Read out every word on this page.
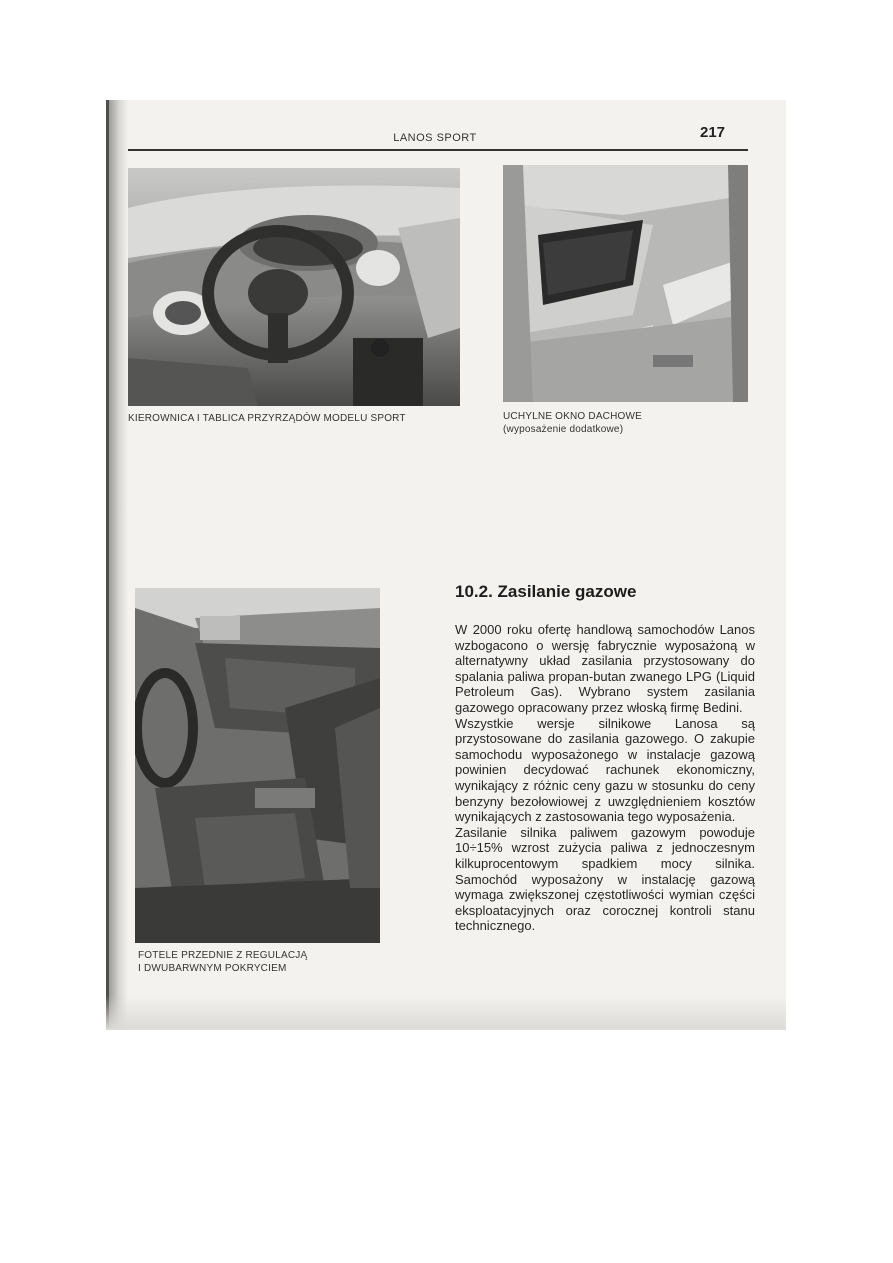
LANOS SPORT	217
KIEROWNICA I TABLICA PRZYRZĄDÓW MODELU SPORT	UCHYLNE OKNO DACHOWE
(wyposażenie dodatkowe)
FOTELE PRZEDNIE Z REGULACJĄ
I DWUBARWNYM POKRYCIEM
10.2. Zasilanie gazowe

W 2000 roku ofertę handlową samochodów Lanos wzbogacono o wersję fabrycznie wyposażoną w alternatywny układ zasilania przystosowany do spalania paliwa propan-butan zwanego LPG (Liquid Petroleum Gas). Wybrano system zasilania gazowego opracowany przez włoską firmę Bedini.

Wszystkie wersje silnikowe Lanosa są przystosowane do zasilania gazowego. O zakupie samochodu wyposażonego w instalacje gazową powinien decydować rachunek ekonomiczny, wynikający z różnic ceny gazu w stosunku do ceny benzyny bezołowiowej z uwzględnieniem kosztów wynikających z zastosowania tego wyposażenia.

Zasilanie silnika paliwem gazowym powoduje 10÷15% wzrost zużycia paliwa z jednoczesnym kilkuprocentowym spadkiem mocy silnika. Samochód wyposażony w instalację gazową wymaga zwiększonej częstotliwości wymian części eksploatacyjnych oraz corocznej kontroli stanu technicznego.
